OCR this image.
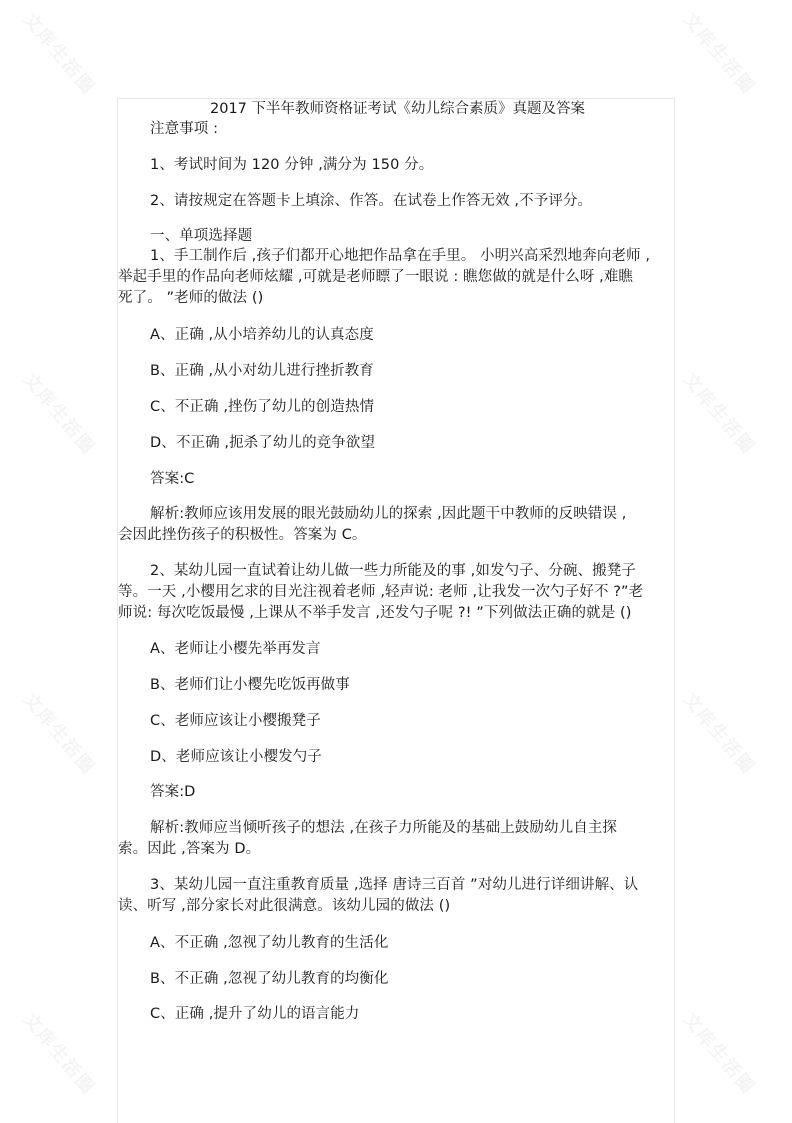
文库生活圈	文库生活圈
文库生活圈	文库生活圈
文库生活圈	文库生活圈
文库生活圈	文库生活圈
2017 下半年教师资格证考试《幼儿综合素质》真题及答案
注意事项 :
1、考试时间为 120 分钟 ,满分为 150 分。
2、请按规定在答题卡上填涂、作答。在试卷上作答无效 ,不予评分。
一、单项选择题
1、手工制作后 ,孩子们都开心地把作品拿在手里。 小明兴高采烈地奔向老师 ,
举起手里的作品向老师炫耀 ,可就是老师瞟了一眼说 : 瞧您做的就是什么呀 ,难瞧
死了。 ”老师的做法 ()
A、正确 ,从小培养幼儿的认真态度
B、正确 ,从小对幼儿进行挫折教育
C、不正确 ,挫伤了幼儿的创造热情
D、不正确 ,扼杀了幼儿的竞争欲望
答案:C
解析:教师应该用发展的眼光鼓励幼儿的探索 ,因此题干中教师的反映错误 ,
会因此挫伤孩子的积极性。答案为 C。
2、某幼儿园一直试着让幼儿做一些力所能及的事 ,如发勺子、分碗、搬凳子
等。一天 ,小樱用乞求的目光注视着老师 ,轻声说: 老师 ,让我发一次勺子好不 ?”老
师说: 每次吃饭最慢 ,上课从不举手发言 ,还发勺子呢 ?! ”下列做法正确的就是 ()
A、老师让小樱先举再发言
B、老师们让小樱先吃饭再做事
C、老师应该让小樱搬凳子
D、老师应该让小樱发勺子
答案:D
解析:教师应当倾听孩子的想法 ,在孩子力所能及的基础上鼓励幼儿自主探
索。因此 ,答案为 D。
3、某幼儿园一直注重教育质量 ,选择 唐诗三百首 ”对幼儿进行详细讲解、认
读、听写 ,部分家长对此很满意。该幼儿园的做法 ()
A、不正确 ,忽视了幼儿教育的生活化
B、不正确 ,忽视了幼儿教育的均衡化
C、正确 ,提升了幼儿的语言能力
